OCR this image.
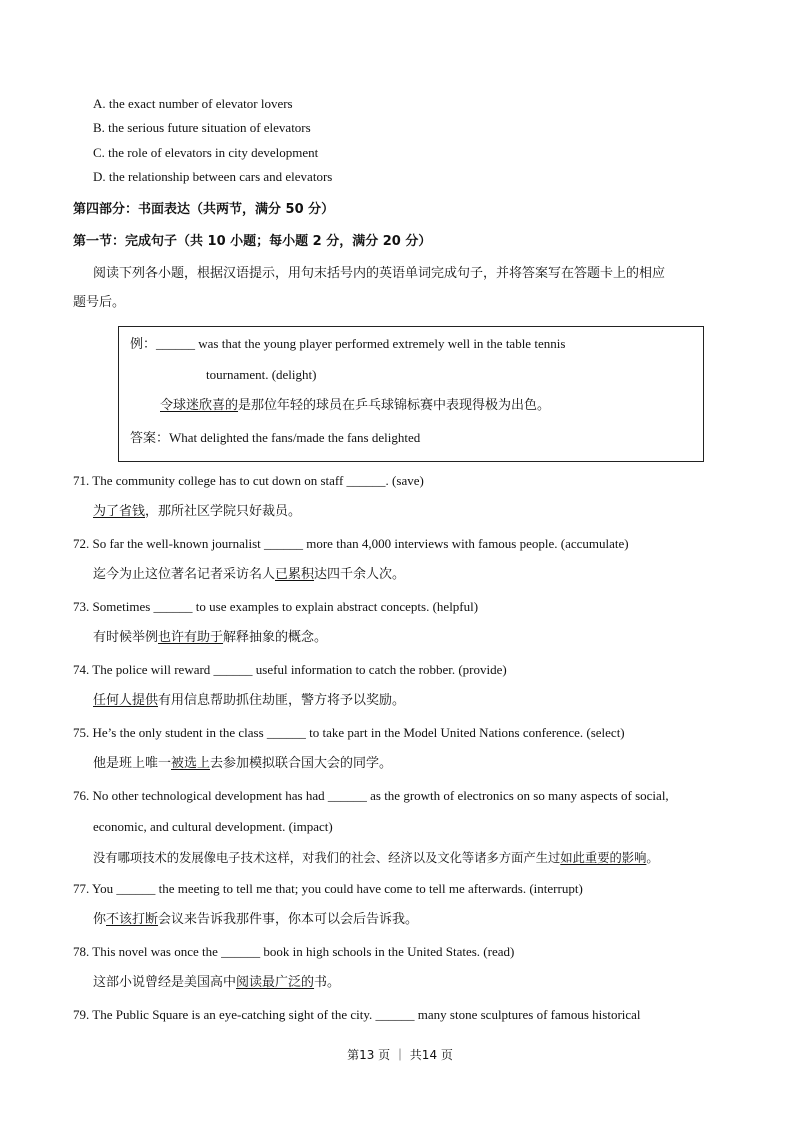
A. the exact number of elevator lovers
B. the serious future situation of elevators
C. the role of elevators in city development
D. the relationship between cars and elevators
第四部分：书面表达（共两节，满分 50 分）
第一节：完成句子（共 10 小题；每小题 2 分，满分 20 分）
阅读下列各小题，根据汉语提示，用句末括号内的英语单词完成句子，并将答案写在答题卡上的相应
题号后。
例：______ was that the young player performed extremely well in the table tennis
tournament. (delight)
令球迷欣喜的是那位年轻的球员在乒乓球锦标赛中表现得极为出色。
答案：What delighted the fans/made the fans delighted
71. The community college has to cut down on staff ______. (save)
为了省钱，那所社区学院只好裁员。
72. So far the well-known journalist ______ more than 4,000 interviews with famous people. (accumulate)
迄今为止这位著名记者采访名人已累积达四千余人次。
73. Sometimes ______ to use examples to explain abstract concepts. (helpful)
有时候举例也许有助于解释抽象的概念。
74. The police will reward ______ useful information to catch the robber. (provide)
任何人提供有用信息帮助抓住劫匪，警方将予以奖励。
75. He’s the only student in the class ______ to take part in the Model United Nations conference. (select)
他是班上唯一被选上去参加模拟联合国大会的同学。
76. No other technological development has had ______ as the growth of electronics on so many aspects of social,
economic, and cultural development. (impact)
没有哪项技术的发展像电子技术这样，对我们的社会、经济以及文化等诸多方面产生过如此重要的影响。
77. You ______ the meeting to tell me that; you could have come to tell me afterwards. (interrupt)
你不该打断会议来告诉我那件事，你本可以会后告诉我。
78. This novel was once the ______ book in high schools in the United States. (read)
这部小说曾经是美国高中阅读最广泛的书。
79. The Public Square is an eye-catching sight of the city. ______ many stone sculptures of famous historical
第13 页 ｜ 共14 页
